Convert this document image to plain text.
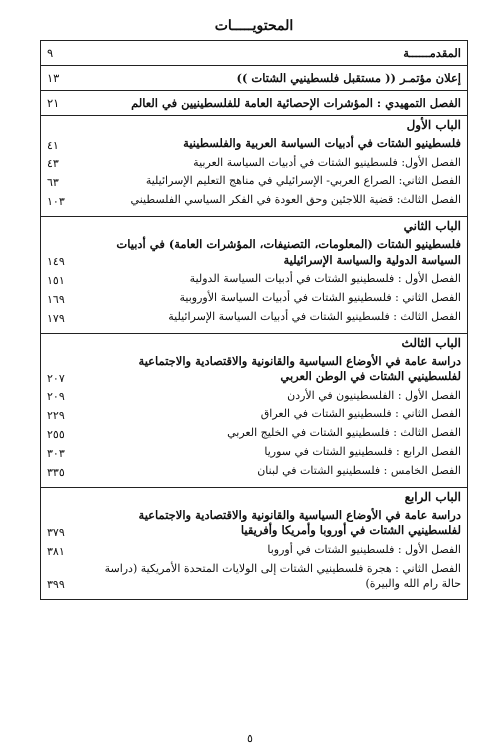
المحتويـــــات
المقدمــــــة
٩
إعلان مؤتمـر (( مستقبل فلسطينيي الشتات ))
١٣
الفصل التمهيدي : المؤشرات الإحصائية العامة للفلسطينيين في العالم
٢١
الباب الأول
فلسطينيو الشتات في أدبيات السياسة العربية والفلسطينية
٤١
الفصل الأول: فلسطينيو الشتات في أدبيات السياسة العربية
٤٣
الفصل الثاني: الصراع العربي- الإسرائيلي في مناهج التعليم الإسرائيلية
٦٣
الفصل الثالث: قضية اللاجئين وحق العودة في الفكر السياسي الفلسطيني
١٠٣
الباب الثاني
فلسطينيو الشتات (المعلومات، التصنيفات، المؤشرات العامة) في أدبيات السياسة الدولية والسياسة الإسرائيلية
١٤٩
الفصل الأول : فلسطينيو الشتات في أدبيات السياسة الدولية
١٥١
الفصل الثاني : فلسطينيو الشتات في أدبيات السياسة الأوروبية
١٦٩
الفصل الثالث : فلسطينيو الشتات في أدبيات السياسة الإسرائيلية
١٧٩
الباب الثالث
دراسة عامة في الأوضاع السياسية والقانونية والاقتصادية والاجتماعية لفلسطينيي الشتات في الوطن العربي
٢٠٧
الفصل الأول : الفلسطينيون في الأردن
٢٠٩
الفصل الثاني : فلسطينيو الشتات في العراق
٢٢٩
الفصل الثالث : فلسطينيو الشتات في الخليج العربي
٢٥٥
الفصل الرابع : فلسطينيو الشتات في سوريا
٣٠٣
الفصل الخامس : فلسطينيو الشتات في لبنان
٣٣٥
الباب الرابع
دراسة عامة في الأوضاع السياسية والقانونية والاقتصادية والاجتماعية لفلسطينيي الشتات في أوروبا وأمريكا وأفريقيا
٣٧٩
الفصل الأول : فلسطينيو الشتات في أوروبا
٣٨١
الفصل الثاني : هجرة فلسطينيي الشتات إلى الولايات المتحدة الأمريكية (دراسة حالة رام الله والبيرة)
٣٩٩
٥
